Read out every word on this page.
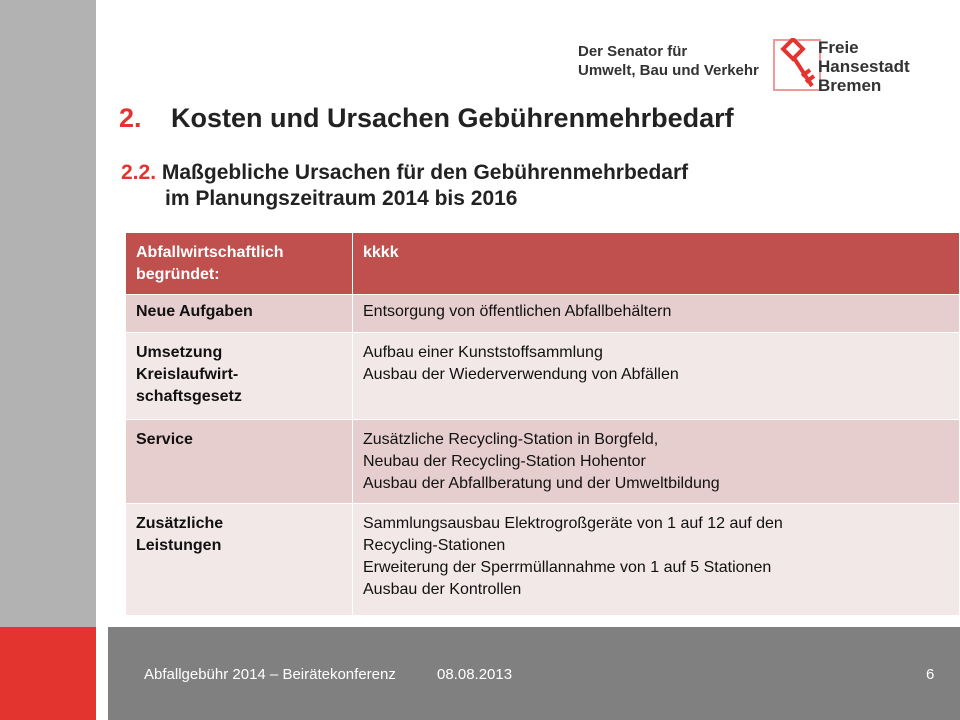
Der Senator für
Umwelt, Bau und Verkehr
Freie
Hansestadt
Bremen
2. Kosten und Ursachen Gebührenmehrbedarf
2.2. Maßgebliche Ursachen für den Gebührenmehrbedarf
im Planungszeitraum 2014 bis 2016
Abfallwirtschaftlich
begründet:	kkkk

Neue Aufgaben	Entsorgung von öffentlichen Abfallbehältern

Umsetzung
Kreislaufwirt-
schaftsgesetz	Aufbau einer Kunststoffsammlung
Ausbau der Wiederverwendung von Abfällen

Service	Zusätzliche Recycling-Station in Borgfeld,
Neubau der Recycling-Station Hohentor
Ausbau der Abfallberatung und der Umweltbildung

Zusätzliche
Leistungen	Sammlungsausbau Elektrogroßgeräte von 1 auf 12 auf den
Recycling-Stationen
Erweiterung der Sperrmüllannahme von 1 auf 5 Stationen
Ausbau der Kontrollen
Abfallgebühr 2014 – Beirätekonferenz	08.08.2013	6
